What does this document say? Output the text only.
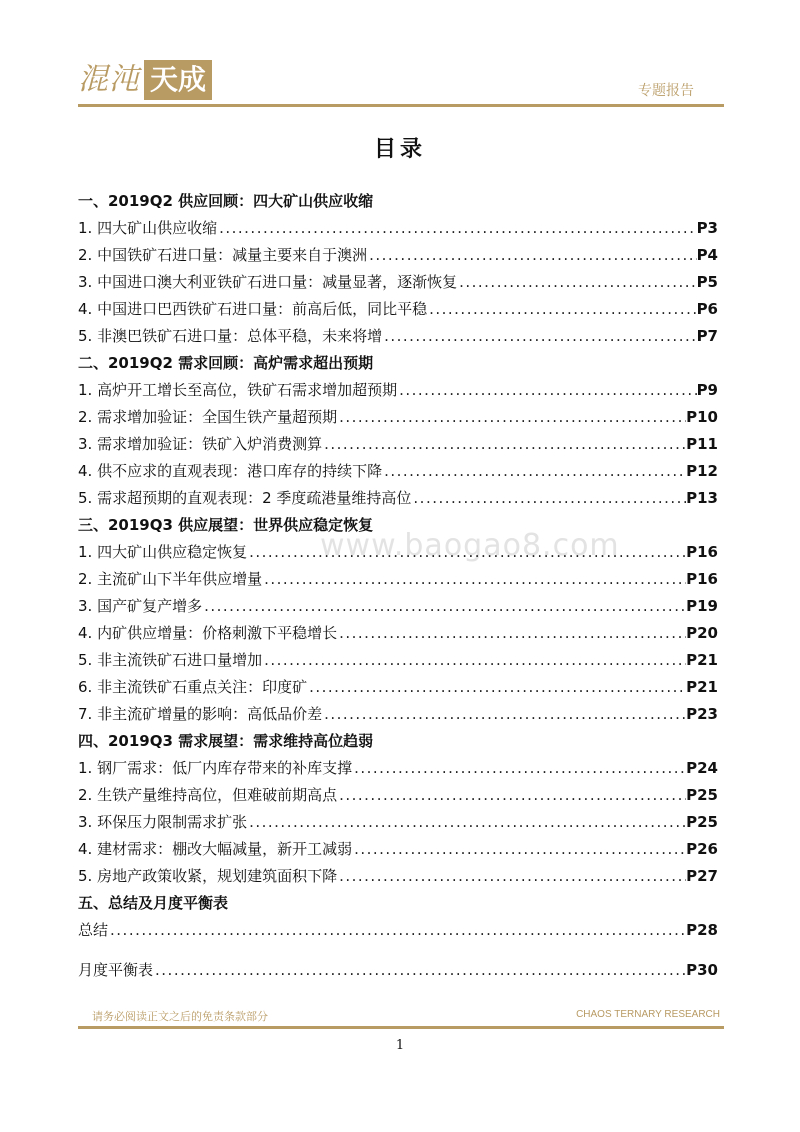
混沌 天成	专题报告
目录
www.baogao8.com
一、2019Q2 供应回顾：四大矿山供应收缩
1. 四大矿山供应收缩 .....	P3
2. 中国铁矿石进口量：减量主要来自于澳洲 .....	P4
3. 中国进口澳大利亚铁矿石进口量：减量显著，逐渐恢复 .....	P5
4. 中国进口巴西铁矿石进口量：前高后低，同比平稳 .....	P6
5. 非澳巴铁矿石进口量：总体平稳，未来将增 .....	P7
二、2019Q2 需求回顾：高炉需求超出预期
1. 高炉开工增长至高位，铁矿石需求增加超预期 .....	P9
2. 需求增加验证：全国生铁产量超预期 .....	P10
3. 需求增加验证：铁矿入炉消费测算 .....	P11
4. 供不应求的直观表现：港口库存的持续下降 .....	P12
5. 需求超预期的直观表现：2 季度疏港量维持高位 .....	P13
三、2019Q3 供应展望：世界供应稳定恢复
1. 四大矿山供应稳定恢复 .....	P16
2. 主流矿山下半年供应增量 .....	P16
3. 国产矿复产增多 .....	P19
4. 内矿供应增量：价格刺激下平稳增长 .....	P20
5. 非主流铁矿石进口量增加 .....	P21
6. 非主流铁矿石重点关注：印度矿 .....	P21
7. 非主流矿增量的影响：高低品价差 .....	P23
四、2019Q3 需求展望：需求维持高位趋弱
1. 钢厂需求：低厂内库存带来的补库支撑 .....	P24
2. 生铁产量维持高位，但难破前期高点 .....	P25
3. 环保压力限制需求扩张 .....	P25
4. 建材需求：棚改大幅减量，新开工减弱 .....	P26
5. 房地产政策收紧，规划建筑面积下降 .....	P27
五、总结及月度平衡表
总结 .....	P28
月度平衡表 .....	P30
请务必阅读正文之后的免责条款部分	CHAOS TERNARY RESEARCH
1
